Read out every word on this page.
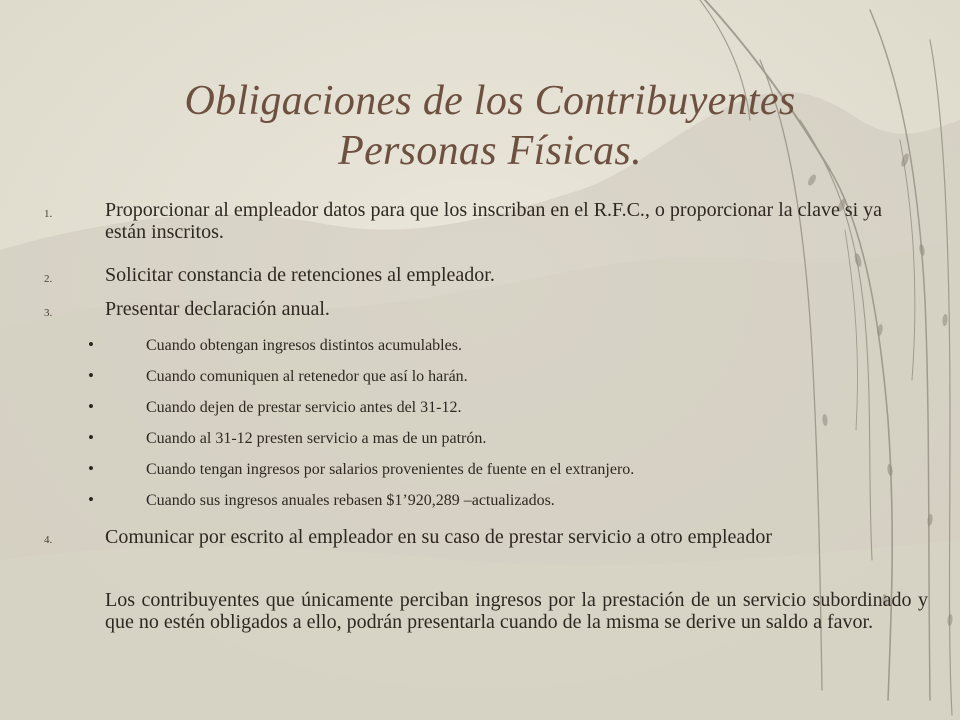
Obligaciones de los Contribuyentes
Personas Físicas.
1.	Proporcionar al empleador datos para que los inscriban en el R.F.C., o proporcionar la clave si ya están inscritos.
2.	Solicitar constancia de retenciones al empleador.
3.	Presentar declaración anual.
•	Cuando obtengan ingresos distintos acumulables.
•	Cuando comuniquen al retenedor que así lo harán.
•	Cuando dejen de prestar servicio antes del 31-12.
•	Cuando al 31-12 presten servicio a mas de un patrón.
•	Cuando tengan ingresos por salarios provenientes de fuente en el extranjero.
•	Cuando sus ingresos anuales rebasen $1’920,289 –actualizados.
4.	Comunicar por escrito al empleador en su caso de prestar servicio a otro empleador
Los contribuyentes que únicamente perciban ingresos por la prestación de un servicio subordinado y que no estén obligados a ello, podrán presentarla cuando de la misma se derive un saldo a favor.
